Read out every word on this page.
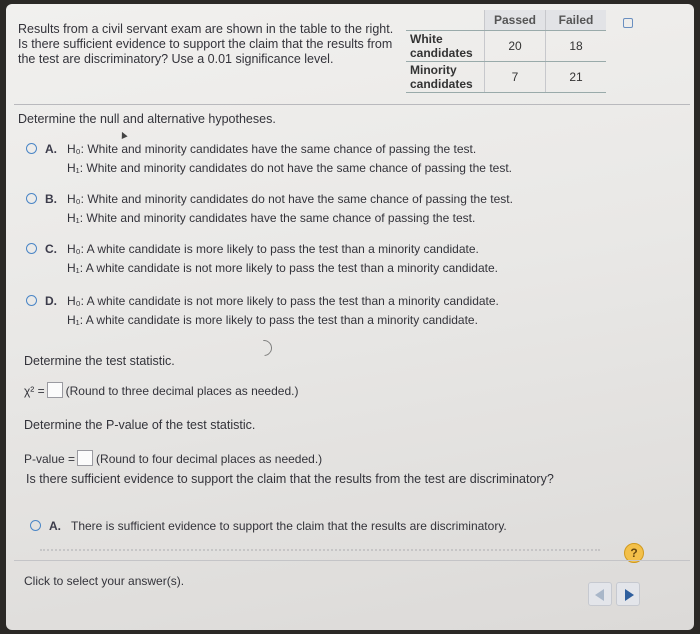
Results from a civil servant exam are shown in the table to the right. Is there sufficient evidence to support the claim that the results from the test are discriminatory? Use a 0.01 significance level.
	Passed	Failed
White candidates	20	18
Minority candidates	7	21
Determine the null and alternative hypotheses.
▲
A. H₀: White and minority candidates have the same chance of passing the test.
H₁: White and minority candidates do not have the same chance of passing the test.
B. H₀: White and minority candidates do not have the same chance of passing the test.
H₁: White and minority candidates have the same chance of passing the test.
C. H₀: A white candidate is more likely to pass the test than a minority candidate.
H₁: A white candidate is not more likely to pass the test than a minority candidate.
D. H₀: A white candidate is not more likely to pass the test than a minority candidate.
H₁: A white candidate is more likely to pass the test than a minority candidate.
Determine the test statistic.
χ² = (Round to three decimal places as needed.)
Determine the P-value of the test statistic.
P-value = (Round to four decimal places as needed.)
Is there sufficient evidence to support the claim that the results from the test are discriminatory?
A. There is sufficient evidence to support the claim that the results are discriminatory.
?
Click to select your answer(s).
